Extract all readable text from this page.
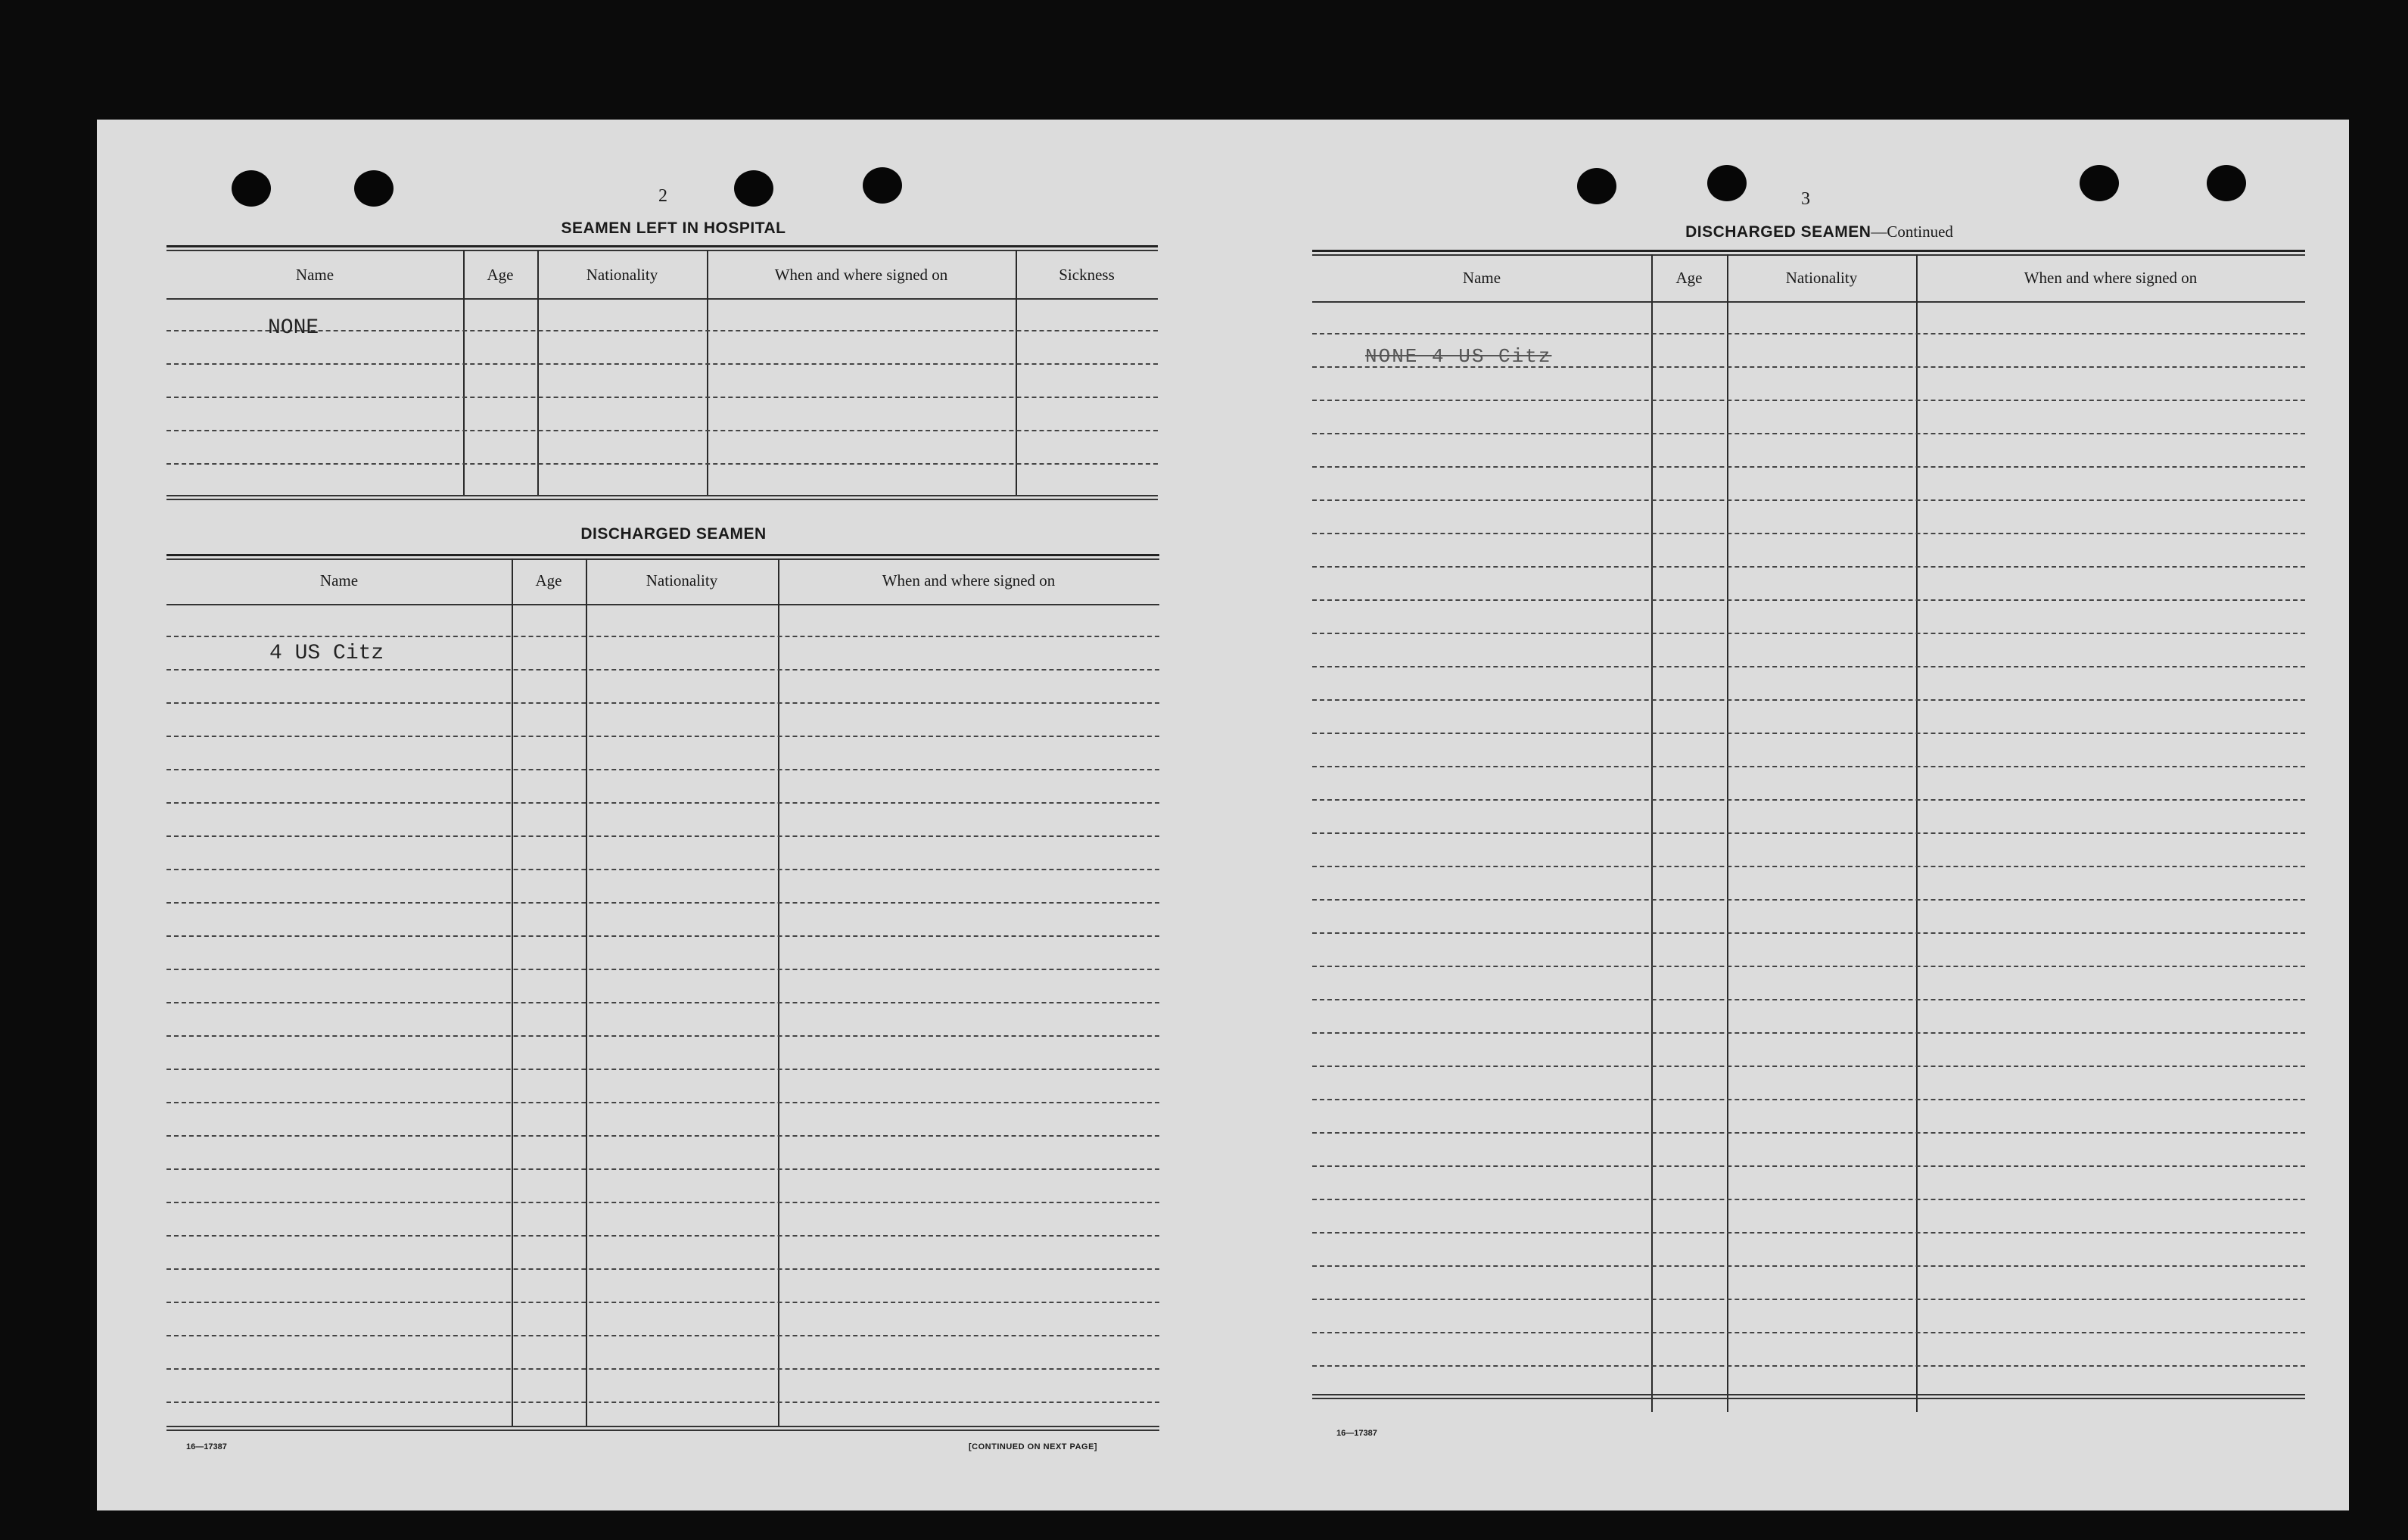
2
SEAMEN LEFT IN HOSPITAL
Name	Age	Nationality	When and where signed on	Sickness
NONE
DISCHARGED SEAMEN
Name	Age	Nationality	When and where signed on
4 US Citz
16—17387	[CONTINUED ON NEXT PAGE]
3
DISCHARGED SEAMEN—Continued
Name	Age	Nationality	When and where signed on
NONE 4 US Citz
16—17387
